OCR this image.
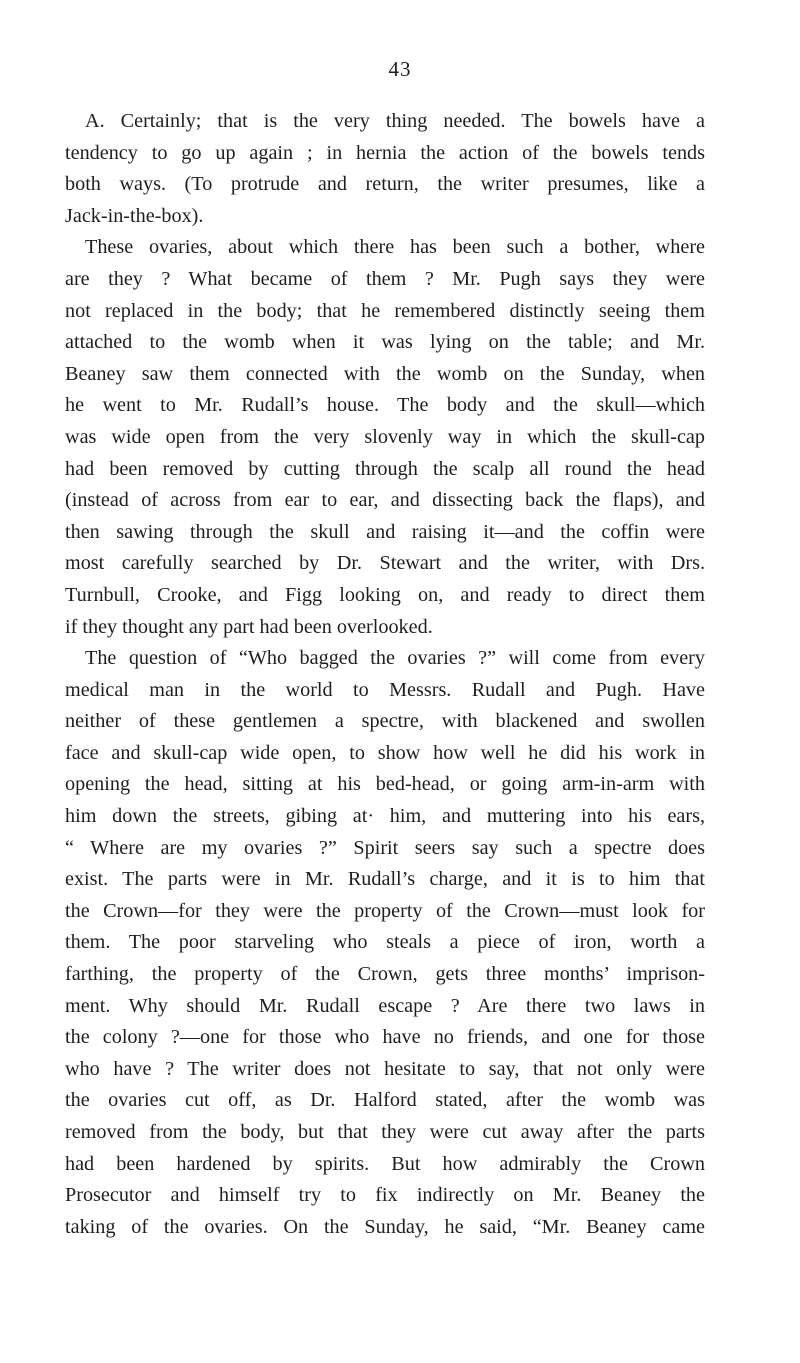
43
A. Certainly; that is the very thing needed. The bowels have a
tendency to go up again ; in hernia the action of the bowels tends
both ways. (To protrude and return, the writer presumes, like a
Jack-in-the-box).
These ovaries, about which there has been such a bother, where
are they ? What became of them ? Mr. Pugh says they were
not replaced in the body; that he remembered distinctly seeing them
attached to the womb when it was lying on the table; and Mr.
Beaney saw them connected with the womb on the Sunday, when
he went to Mr. Rudall’s house. The body and the skull—which
was wide open from the very slovenly way in which the skull-cap
had been removed by cutting through the scalp all round the head
(instead of across from ear to ear, and dissecting back the flaps), and
then sawing through the skull and raising it—and the coffin were
most carefully searched by Dr. Stewart and the writer, with Drs.
Turnbull, Crooke, and Figg looking on, and ready to direct them
if they thought any part had been overlooked.
The question of “Who bagged the ovaries ?” will come from every
medical man in the world to Messrs. Rudall and Pugh. Have
neither of these gentlemen a spectre, with blackened and swollen
face and skull-cap wide open, to show how well he did his work in
opening the head, sitting at his bed-head, or going arm-in-arm with
him down the streets, gibing at· him, and muttering into his ears,
“ Where are my ovaries ?” Spirit seers say such a spectre does
exist. The parts were in Mr. Rudall’s charge, and it is to him that
the Crown—for they were the property of the Crown—must look for
them. The poor starveling who steals a piece of iron, worth a
farthing, the property of the Crown, gets three months’ imprison-
ment. Why should Mr. Rudall escape ? Are there two laws in
the colony ?—one for those who have no friends, and one for those
who have ? The writer does not hesitate to say, that not only were
the ovaries cut off, as Dr. Halford stated, after the womb was
removed from the body, but that they were cut away after the parts
had been hardened by spirits. But how admirably the Crown
Prosecutor and himself try to fix indirectly on Mr. Beaney the
taking of the ovaries. On the Sunday, he said, “Mr. Beaney came
